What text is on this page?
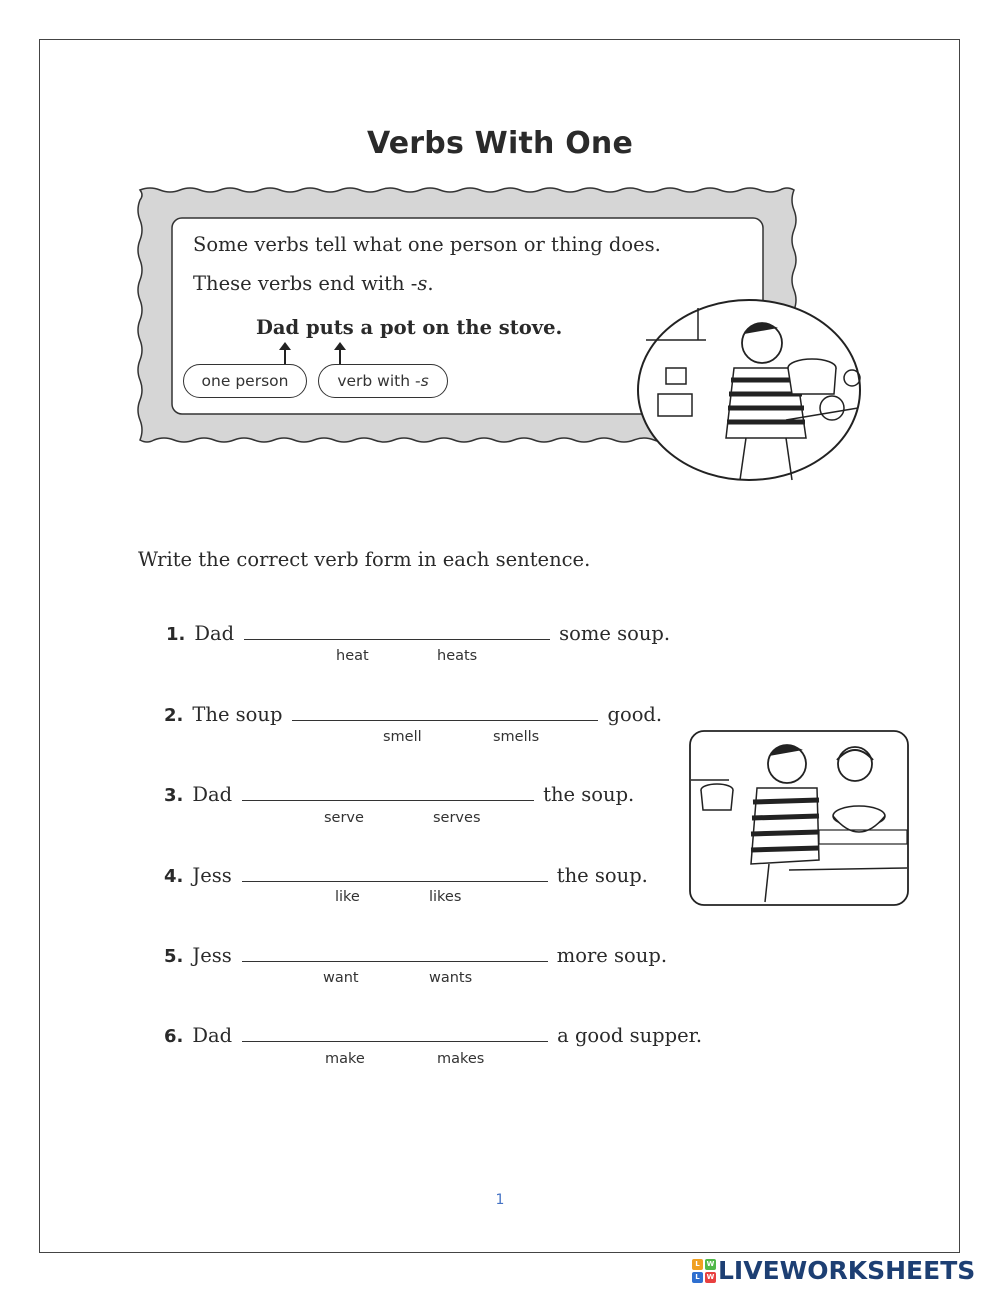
Verbs With One
Some verbs tell what one person or thing does.
These verbs end with -s.
Dad puts a pot on the stove.
one person	verb with - s
Write the correct verb form in each sentence.
1. Dad	some soup.
heat	heats
2. The soup	good.
smell	smells
3. Dad	the soup.
serve	serves
4. Jess	the soup.
like	likes
5. Jess	more soup.
want	wants
6. Dad	a good supper.
make	makes
1
L W
L W LIVEWORKSHEETS
